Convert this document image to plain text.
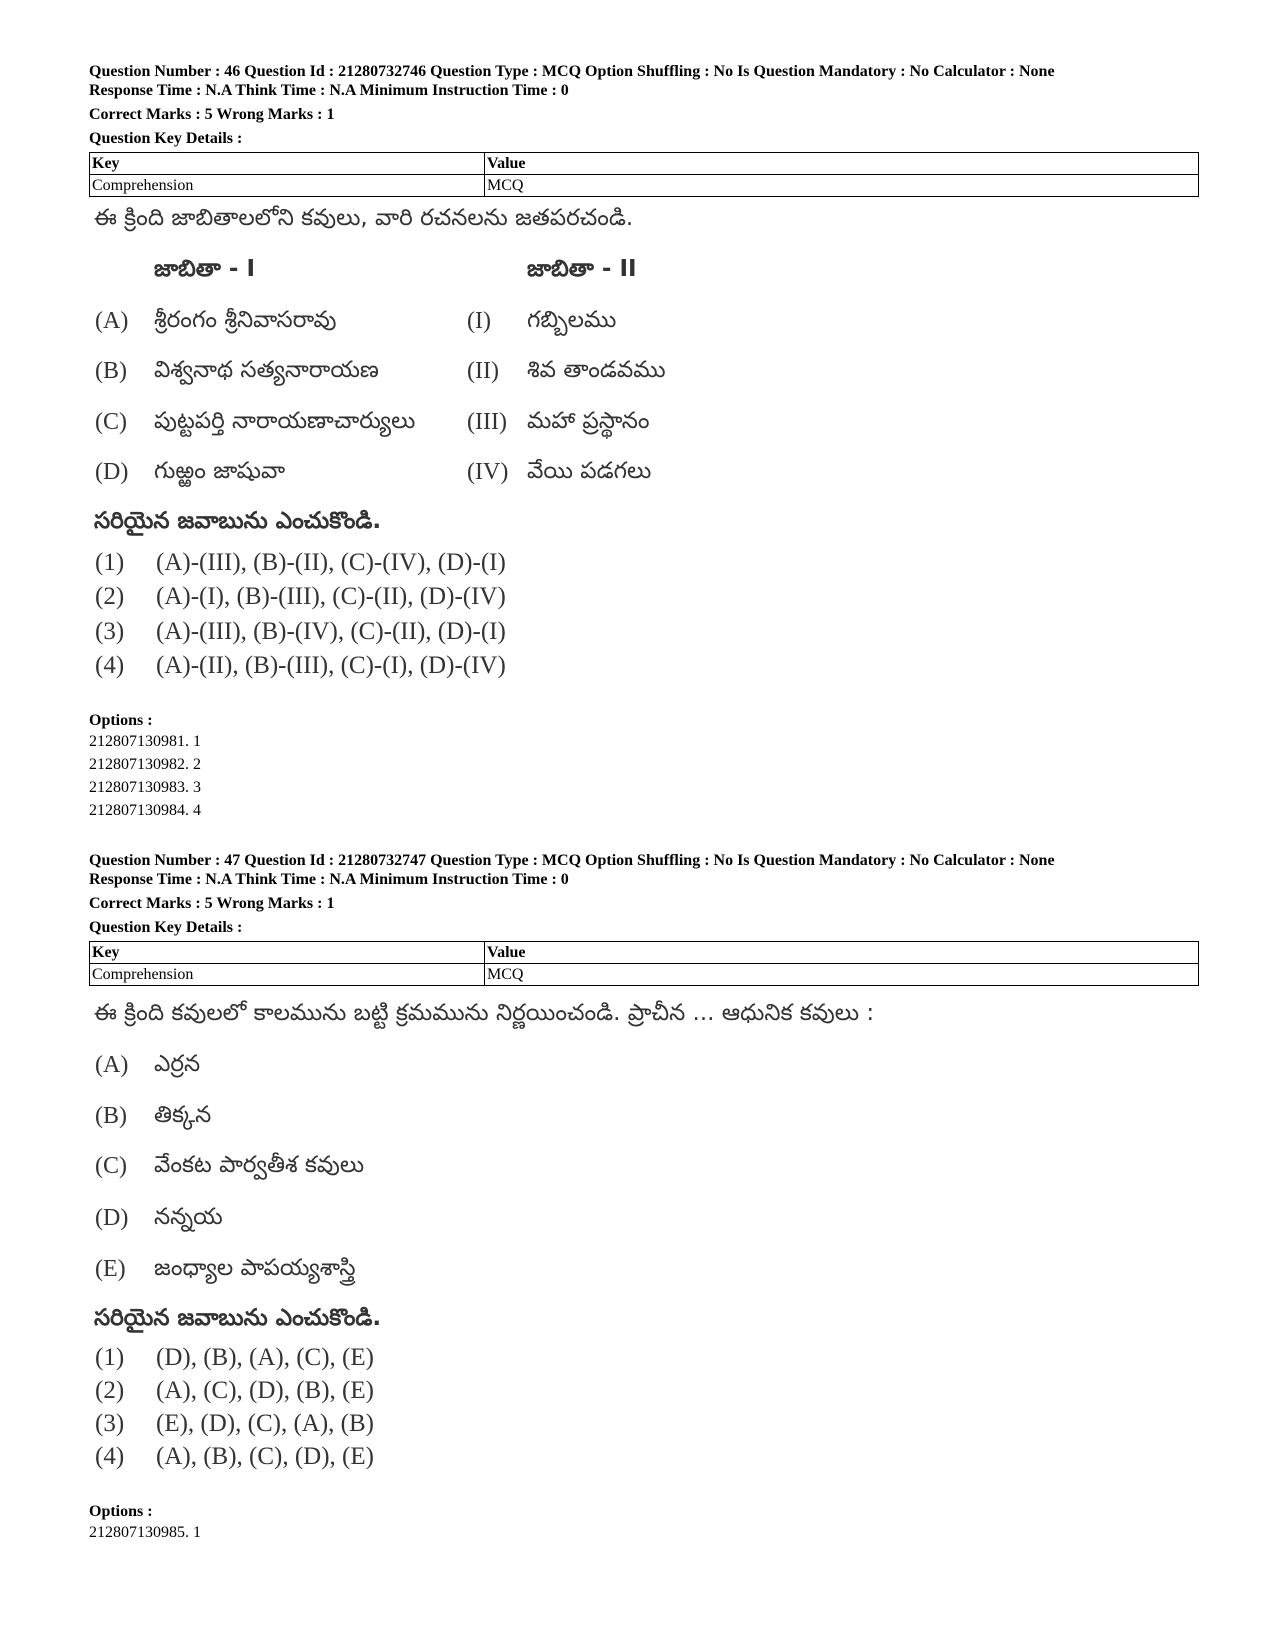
Question Number : 46 Question Id : 21280732746 Question Type : MCQ Option Shuffling : No Is Question Mandatory : No Calculator : None

Response Time : N.A Think Time : N.A Minimum Instruction Time : 0

Correct Marks : 5 Wrong Marks : 1

Question Key Details :

Key	Value
Comprehension	MCQ
ఈ క్రింది జాబితాలలోని కవులు, వారి రచనలను జతపరచండి.
జాబితా - I	జాబితా - II
(A) శ్రీరంగం శ్రీనివాసరావు	(I) గబ్బిలము
(B) విశ్వనాథ సత్యనారాయణ	(II) శివ తాండవము
(C) పుట్టపర్తి నారాయణాచార్యులు (III) మహా ప్రస్థానం
(D) గుఱ్ఱం జాషువా	(IV) వేయి పడగలు
సరియైన జవాబును ఎంచుకొండి.
(1) (A)-(III), (B)-(II), (C)-(IV), (D)-(I)
(2) (A)-(I), (B)-(III), (C)-(II), (D)-(IV)
(3) (A)-(III), (B)-(IV), (C)-(II), (D)-(I)
(4) (A)-(II), (B)-(III), (C)-(I), (D)-(IV)

Options :

212807130981. 1

212807130982. 2

212807130983. 3

212807130984. 4

Question Number : 47 Question Id : 21280732747 Question Type : MCQ Option Shuffling : No Is Question Mandatory : No Calculator : None

Response Time : N.A Think Time : N.A Minimum Instruction Time : 0

Correct Marks : 5 Wrong Marks : 1

Question Key Details :

Key	Value
Comprehension	MCQ
ఈ క్రింది కవులలో కాలమును బట్టి క్రమమును నిర్ణయించండి. ప్రాచీన ... ఆధునిక కవులు :
(A) ఎర్రన
(B) తిక్కన
(C) వేంకట పార్వతీశ కవులు
(D) నన్నయ
(E) జంధ్యాల పాపయ్యశాస్త్రి
సరియైన జవాబును ఎంచుకొండి.
(1) (D), (B), (A), (C), (E)
(2) (A), (C), (D), (B), (E)
(3) (E), (D), (C), (A), (B)
(4) (A), (B), (C), (D), (E)

Options :

212807130985. 1
